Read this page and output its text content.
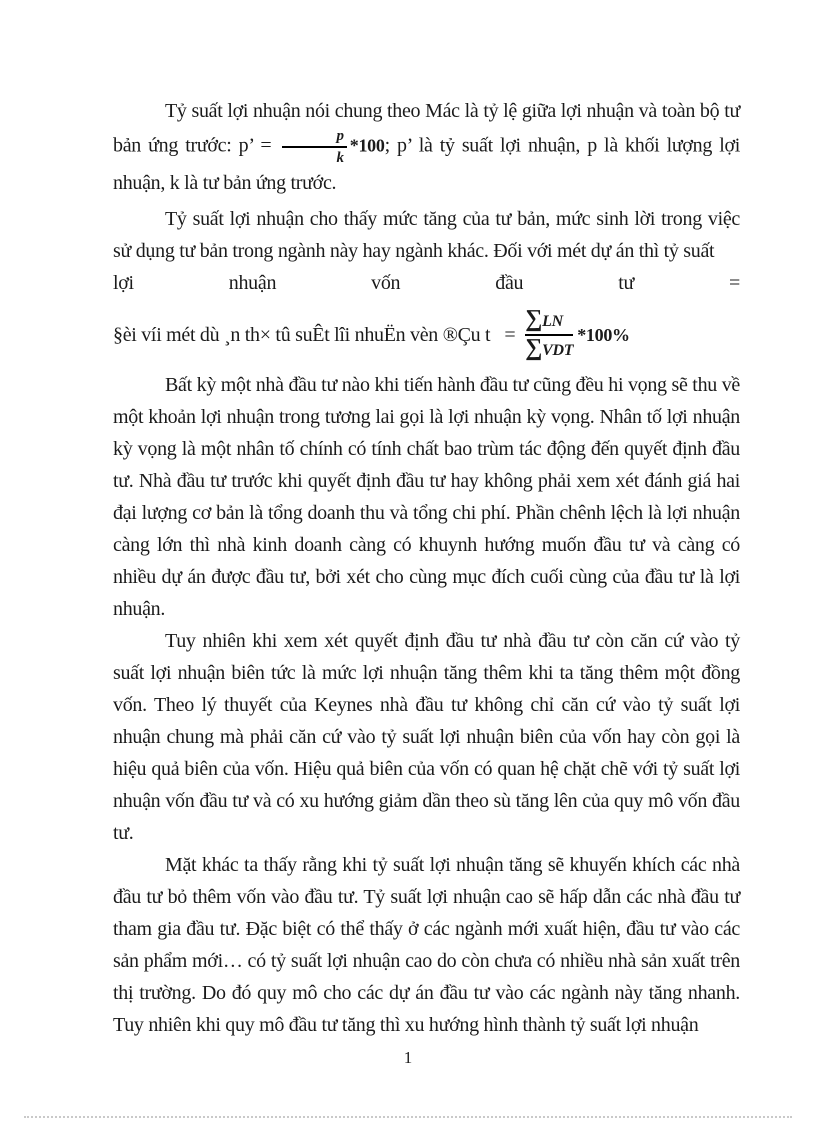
Tỷ suất lợi nhuận nói chung theo Mác là tỷ lệ giữa lợi nhuận và toàn bộ tư bản ứng trước: p’ = $\frac{p}{k} *100$; p’ là tỷ suất lợi nhuận, p là khối lượng lợi nhuận, k là tư bản ứng trước.

Tỷ suất lợi nhuận cho thấy mức tăng của tư bản, mức sinh lời trong việc sử dụng tư bản trong ngành này hay ngành khác. Đối với mét dự án thì tỷ suất

lợi	nhuận	vốn	đầu	tư	=
§èi víi mét dù ¸n th× tû suÊt lîi nhuËn vèn ®Çu $t = \frac{\sum LN}{\text{∑VDT}} *100\%$

Bất kỳ một nhà đầu tư nào khi tiến hành đầu tư cũng đều hi vọng sẽ thu về một khoản lợi nhuận trong tương lai gọi là lợi nhuận kỳ vọng. Nhân tố lợi nhuận kỳ vọng là một nhân tố chính có tính chất bao trùm tác động đến quyết định đầu tư. Nhà đầu tư trước khi quyết định đầu tư hay không phải xem xét đánh giá hai đại lượng cơ bản là tổng doanh thu và tổng chi phí. Phần chênh lệch là lợi nhuận càng lớn thì nhà kinh doanh càng có khuynh hướng muốn đầu tư và càng có nhiều dự án được đầu tư, bởi xét cho cùng mục đích cuối cùng của đầu tư là lợi nhuận.

Tuy nhiên khi xem xét quyết định đầu tư nhà đầu tư còn căn cứ vào tỷ suất lợi nhuận biên tức là mức lợi nhuận tăng thêm khi ta tăng thêm một đồng vốn. Theo lý thuyết của Keynes nhà đầu tư không chỉ căn cứ vào tỷ suất lợi nhuận chung mà phải căn cứ vào tỷ suất lợi nhuận biên của vốn hay còn gọi là hiệu quả biên của vốn. Hiệu quả biên của vốn có quan hệ chặt chẽ với tỷ suất lợi nhuận vốn đầu tư và có xu hướng giảm dần theo sù tăng lên của quy mô vốn đầu tư.

Mặt khác ta thấy rằng khi tỷ suất lợi nhuận tăng sẽ khuyến khích các nhà đầu tư bỏ thêm vốn vào đầu tư. Tỷ suất lợi nhuận cao sẽ hấp dẫn các nhà đầu tư tham gia đầu tư. Đặc biệt có thể thấy ở các ngành mới xuất hiện, đầu tư vào các sản phẩm mới… có tỷ suất lợi nhuận cao do còn chưa có nhiều nhà sản xuất trên thị trường. Do đó quy mô cho các dự án đầu tư vào các ngành này tăng nhanh. Tuy nhiên khi quy mô đầu tư tăng thì xu hướng hình thành tỷ suất lợi nhuận

1
